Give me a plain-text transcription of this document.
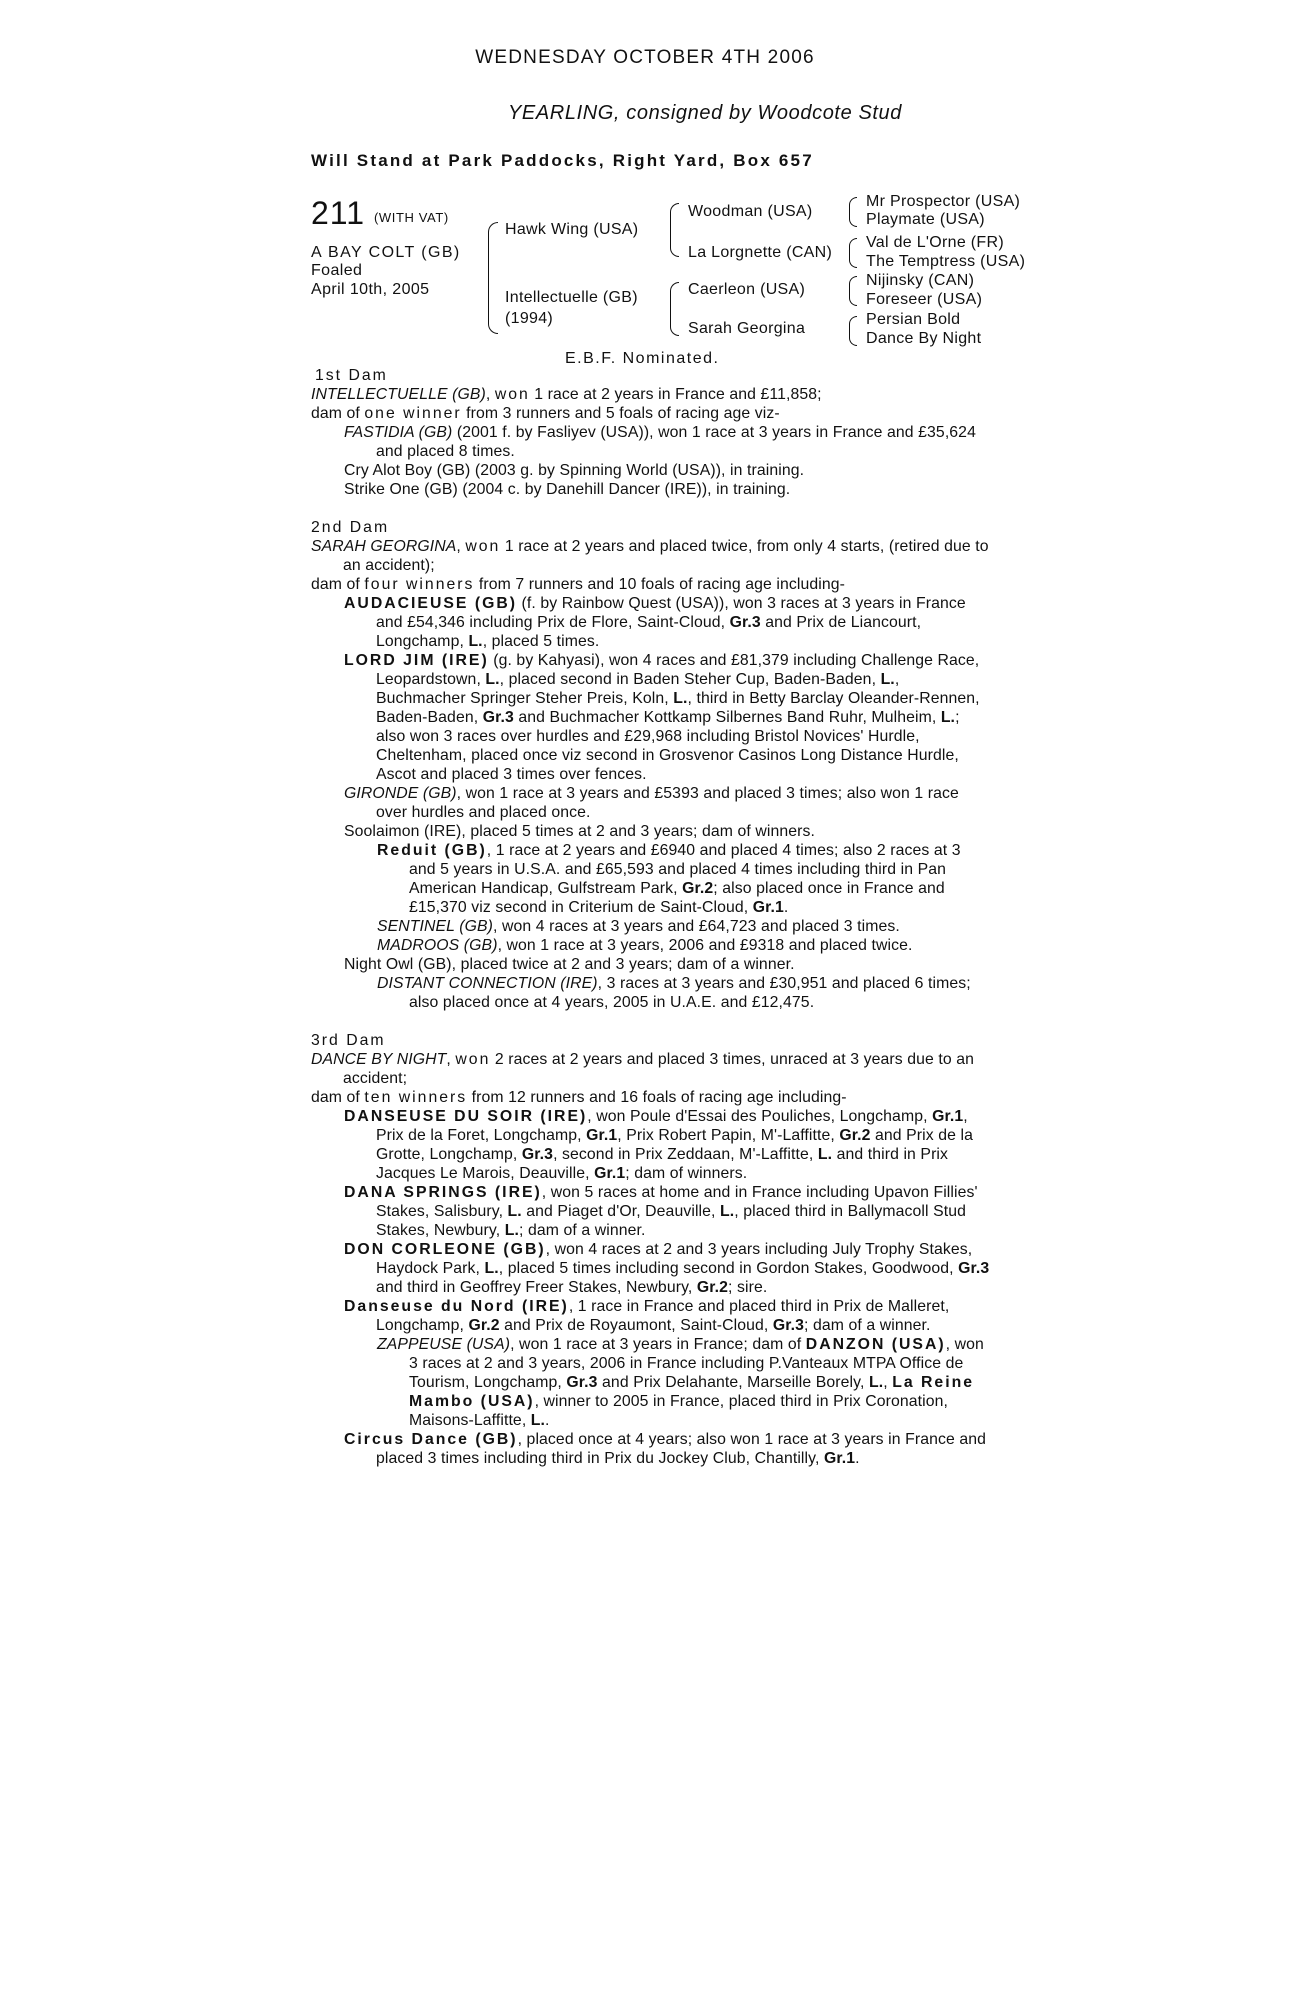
WEDNESDAY OCTOBER 4TH 2006
YEARLING, consigned by Woodcote Stud
Will Stand at Park Paddocks, Right Yard, Box 657
211 (WITH VAT)
A BAY COLT (GB)
Foaled
April 10th, 2005
Hawk Wing (USA)
Intellectuelle (GB)
(1994)
Woodman (USA)
La Lorgnette (CAN)
Caerleon (USA)
Sarah Georgina
Mr Prospector (USA)
Playmate (USA)
Val de L'Orne (FR)
The Temptress (USA)
Nijinsky (CAN)
Foreseer (USA)
Persian Bold
Dance By Night
E.B.F. Nominated.

1st Dam

INTELLECTUELLE (GB), won 1 race at 2 years in France and £11,858;

dam of one winner from 3 runners and 5 foals of racing age viz-

FASTIDIA (GB) (2001 f. by Fasliyev (USA)), won 1 race at 3 years in France and £35,624 and placed 8 times.

Cry Alot Boy (GB) (2003 g. by Spinning World (USA)), in training.

Strike One (GB) (2004 c. by Danehill Dancer (IRE)), in training.

2nd Dam

SARAH GEORGINA, won 1 race at 2 years and placed twice, from only 4 starts, (retired due to an accident);

dam of four winners from 7 runners and 10 foals of racing age including-

AUDACIEUSE (GB) (f. by Rainbow Quest (USA)), won 3 races at 3 years in France and £54,346 including Prix de Flore, Saint-Cloud, Gr.3 and Prix de Liancourt, Longchamp, L., placed 5 times.

LORD JIM (IRE) (g. by Kahyasi), won 4 races and £81,379 including Challenge Race, Leopardstown, L., placed second in Baden Steher Cup, Baden-Baden, L., Buchmacher Springer Steher Preis, Koln, L., third in Betty Barclay Oleander-Rennen, Baden-Baden, Gr.3 and Buchmacher Kottkamp Silbernes Band Ruhr, Mulheim, L.; also won 3 races over hurdles and £29,968 including Bristol Novices' Hurdle, Cheltenham, placed once viz second in Grosvenor Casinos Long Distance Hurdle, Ascot and placed 3 times over fences.

GIRONDE (GB), won 1 race at 3 years and £5393 and placed 3 times; also won 1 race over hurdles and placed once.

Soolaimon (IRE), placed 5 times at 2 and 3 years; dam of winners.

Reduit (GB), 1 race at 2 years and £6940 and placed 4 times; also 2 races at 3 and 5 years in U.S.A. and £65,593 and placed 4 times including third in Pan American Handicap, Gulfstream Park, Gr.2; also placed once in France and £15,370 viz second in Criterium de Saint-Cloud, Gr.1.

SENTINEL (GB), won 4 races at 3 years and £64,723 and placed 3 times.

MADROOS (GB), won 1 race at 3 years, 2006 and £9318 and placed twice.

Night Owl (GB), placed twice at 2 and 3 years; dam of a winner.

DISTANT CONNECTION (IRE), 3 races at 3 years and £30,951 and placed 6 times; also placed once at 4 years, 2005 in U.A.E. and £12,475.

3rd Dam

DANCE BY NIGHT, won 2 races at 2 years and placed 3 times, unraced at 3 years due to an accident;

dam of ten winners from 12 runners and 16 foals of racing age including-

DANSEUSE DU SOIR (IRE), won Poule d'Essai des Pouliches, Longchamp, Gr.1, Prix de la Foret, Longchamp, Gr.1, Prix Robert Papin, M'-Laffitte, Gr.2 and Prix de la Grotte, Longchamp, Gr.3, second in Prix Zeddaan, M'-Laffitte, L. and third in Prix Jacques Le Marois, Deauville, Gr.1; dam of winners.

DANA SPRINGS (IRE), won 5 races at home and in France including Upavon Fillies' Stakes, Salisbury, L. and Piaget d'Or, Deauville, L., placed third in Ballymacoll Stud Stakes, Newbury, L.; dam of a winner.

DON CORLEONE (GB), won 4 races at 2 and 3 years including July Trophy Stakes, Haydock Park, L., placed 5 times including second in Gordon Stakes, Goodwood, Gr.3 and third in Geoffrey Freer Stakes, Newbury, Gr.2; sire.

Danseuse du Nord (IRE), 1 race in France and placed third in Prix de Malleret, Longchamp, Gr.2 and Prix de Royaumont, Saint-Cloud, Gr.3; dam of a winner.

ZAPPEUSE (USA), won 1 race at 3 years in France; dam of DANZON (USA), won 3 races at 2 and 3 years, 2006 in France including P.Vanteaux MTPA Office de Tourism, Longchamp, Gr.3 and Prix Delahante, Marseille Borely, L., La Reine Mambo (USA), winner to 2005 in France, placed third in Prix Coronation, Maisons-Laffitte, L..

Circus Dance (GB), placed once at 4 years; also won 1 race at 3 years in France and placed 3 times including third in Prix du Jockey Club, Chantilly, Gr.1.
